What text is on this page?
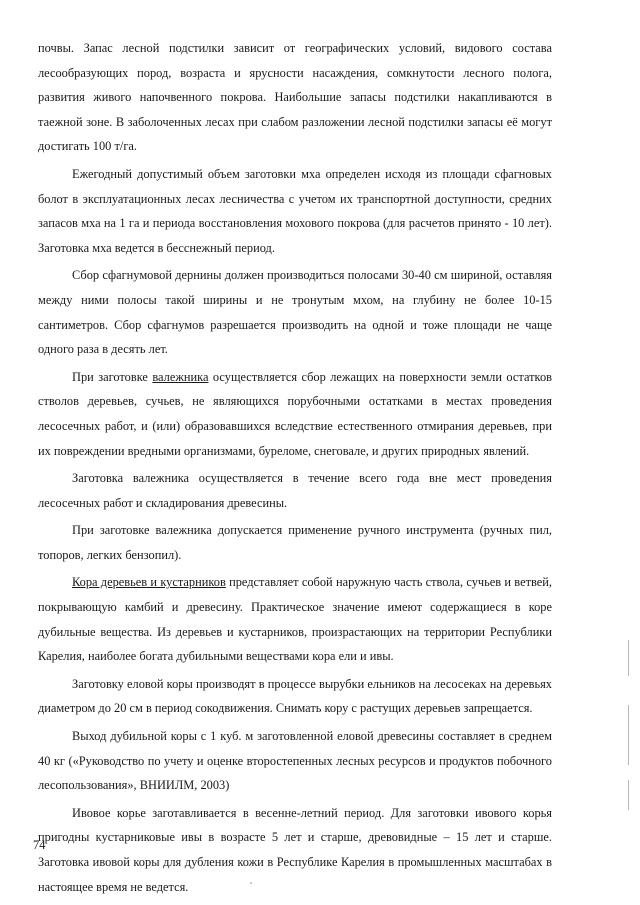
почвы. Запас лесной подстилки зависит от географических условий, видового состава лесообразующих пород, возраста и ярусности насаждения, сомкнутости лесного полога, развития живого напочвенного покрова. Наибольшие запасы подстилки накапливаются в таежной зоне. В заболоченных лесах при слабом разложении лесной подстилки запасы её могут достигать 100 т/га.

Ежегодный допустимый объем заготовки мха определен исходя из площади сфагновых болот в эксплуатационных лесах лесничества с учетом их транспортной доступности, средних запасов мха на 1 га и периода восстановления мохового покрова (для расчетов принято - 10 лет). Заготовка мха ведется в бесснежный период.

Сбор сфагнумовой дернины должен производиться полосами 30-40 см шириной, оставляя между ними полосы такой ширины и не тронутым мхом, на глубину не более 10-15 сантиметров. Сбор сфагнумов разрешается производить на одной и тоже площади не чаще одного раза в десять лет.

При заготовке валежника осуществляется сбор лежащих на поверхности земли остатков стволов деревьев, сучьев, не являющихся порубочными остатками в местах проведения лесосечных работ, и (или) образовавшихся вследствие естественного отмирания деревьев, при их повреждении вредными организмами, буреломе, снеговале, и других природных явлений.

Заготовка валежника осуществляется в течение всего года вне мест проведения лесосечных работ и складирования древесины.

При заготовке валежника допускается применение ручного инструмента (ручных пил, топоров, легких бензопил).

Кора деревьев и кустарников представляет собой наружную часть ствола, сучьев и ветвей, покрывающую камбий и древесину. Практическое значение имеют содержащиеся в коре дубильные вещества. Из деревьев и кустарников, произрастающих на территории Республики Карелия, наиболее богата дубильными веществами кора ели и ивы.

Заготовку еловой коры производят в процессе вырубки ельников на лесосеках на деревьях диаметром до 20 см в период сокодвижения. Снимать кору с растущих деревьев запрещается.

Выход дубильной коры с 1 куб. м заготовленной еловой древесины составляет в среднем 40 кг («Руководство по учету и оценке второстепенных лесных ресурсов и продуктов побочного лесопользования», ВНИИЛМ, 2003)

Ивовое корье заготавливается в весенне-летний период. Для заготовки ивового корья пригодны кустарниковые ивы в возрасте 5 лет и старше, древовидные – 15 лет и старше. Заготовка ивовой коры для дубления кожи в Республике Карелия в промышленных масштабах в настоящее время не ведется.

74
